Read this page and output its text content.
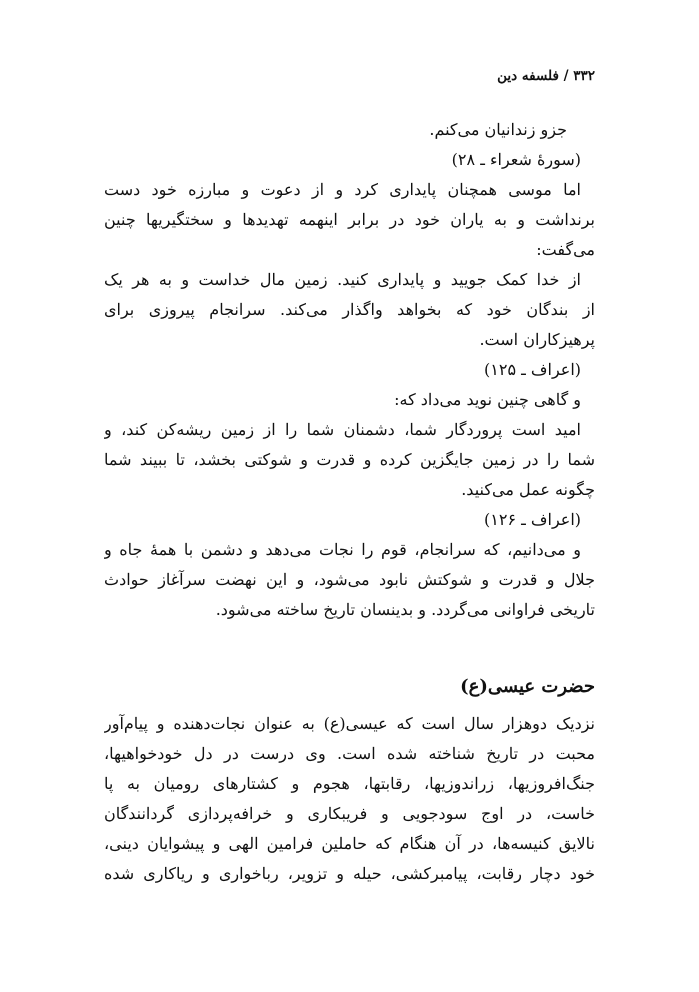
۳۳۲ / فلسفه دین
جزو زندانیان می‌کنم.
(سورۀ شعراء ـ ۲۸)
اما موسی همچنان پایداری کرد و از دعوت و مبارزه خود دست
برنداشت و به یاران خود در برابر اینهمه تهدیدها و سختگیریها چنین
می‌گفت:
از خدا کمک جویید و پایداری کنید. زمین مال خداست و به هر یک
از بندگان خود که بخواهد واگذار می‌کند. سرانجام پیروزی برای
پرهیزکاران است.
(اعراف ـ ۱۲۵)
و گاهی چنین نوید می‌داد که:
امید است پروردگار شما، دشمنان شما را از زمین ریشه‌کن کند، و
شما را در زمین جایگزین کرده و قدرت و شوکتی بخشد، تا ببیند شما
چگونه عمل می‌کنید.
(اعراف ـ ۱۲۶)
و می‌دانیم، که سرانجام، قوم را نجات می‌دهد و دشمن با همۀ جاه و
جلال و قدرت و شوکتش نابود می‌شود، و این نهضت سرآغاز حوادث
تاریخی فراوانی می‌گردد. و بدینسان تاریخ ساخته می‌شود.
حضرت عیسی(ع)
نزدیک دوهزار سال است که عیسی(ع) به عنوان نجات‌دهنده و پیام‌آور
محبت در تاریخ شناخته شده است. وی درست در دل خودخواهیها،
جنگ‌افروزیها، زراندوزیها، رقابتها، هجوم و کشتارهای رومیان به پا
خاست، در اوج سودجویی و فریبکاری و خرافه‌پردازی گردانندگان
نالایق کنیسه‌ها، در آن هنگام که حاملین فرامین الهی و پیشوایان دینی،
خود دچار رقابت، پیامبرکشی، حیله و تزویر، رباخواری و ریاکاری شده
